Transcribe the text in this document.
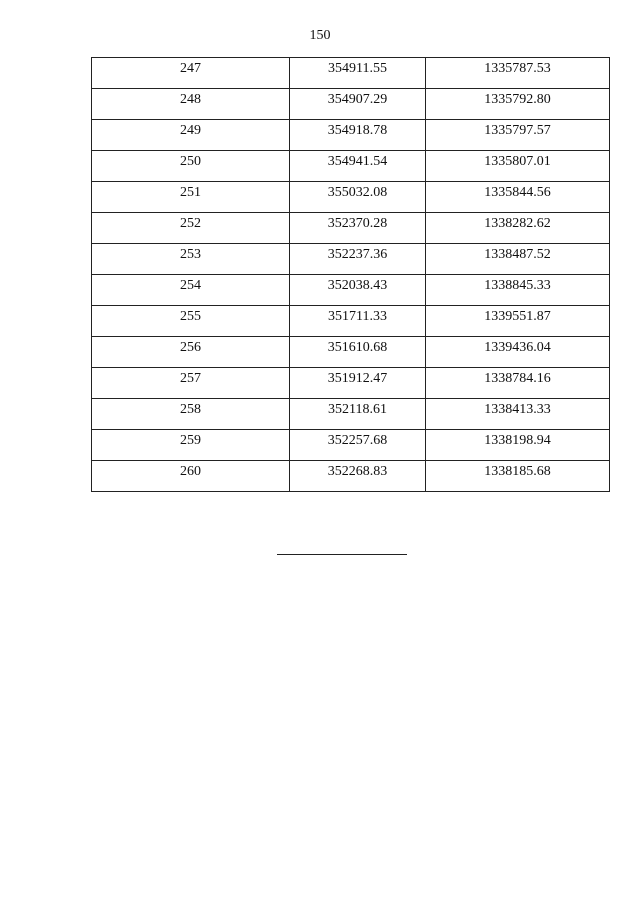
150
247	354911.55	1335787.53
248	354907.29	1335792.80
249	354918.78	1335797.57
250	354941.54	1335807.01
251	355032.08	1335844.56
252	352370.28	1338282.62
253	352237.36	1338487.52
254	352038.43	1338845.33
255	351711.33	1339551.87
256	351610.68	1339436.04
257	351912.47	1338784.16
258	352118.61	1338413.33
259	352257.68	1338198.94
260	352268.83	1338185.68
